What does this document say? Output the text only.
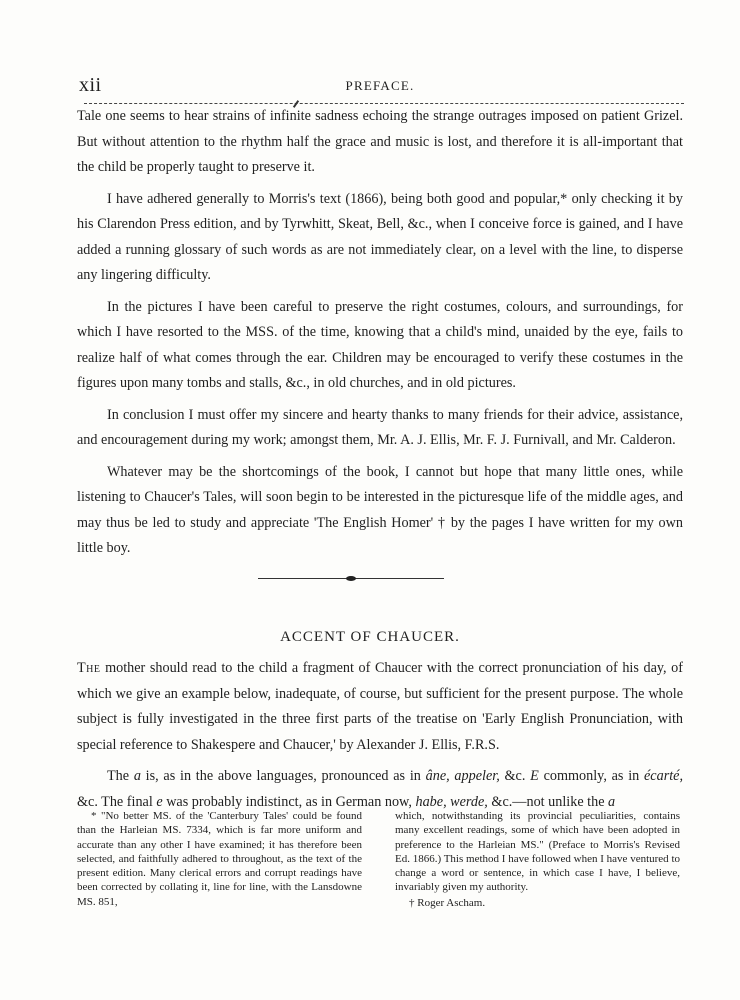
xii	PREFACE.

Tale one seems to hear strains of infinite sadness echoing the strange outrages imposed on patient Grizel. But without attention to the rhythm half the grace and music is lost, and therefore it is all-important that the child be properly taught to preserve it.

I have adhered generally to Morris's text (1866), being both good and popular,* only checking it by his Clarendon Press edition, and by Tyrwhitt, Skeat, Bell, &c., when I conceive force is gained, and I have added a running glossary of such words as are not immediately clear, on a level with the line, to disperse any lingering difficulty.

In the pictures I have been careful to preserve the right costumes, colours, and surroundings, for which I have resorted to the MSS. of the time, knowing that a child's mind, unaided by the eye, fails to realize half of what comes through the ear. Children may be encouraged to verify these costumes in the figures upon many tombs and stalls, &c., in old churches, and in old pictures.

In conclusion I must offer my sincere and hearty thanks to many friends for their advice, assistance, and encouragement during my work; amongst them, Mr. A. J. Ellis, Mr. F. J. Furnivall, and Mr. Calderon.

Whatever may be the shortcomings of the book, I cannot but hope that many little ones, while listening to Chaucer's Tales, will soon begin to be interested in the picturesque life of the middle ages, and may thus be led to study and appreciate 'The English Homer' † by the pages I have written for my own little boy.

ACCENT OF CHAUCER.

The mother should read to the child a fragment of Chaucer with the correct pronunciation of his day, of which we give an example below, inadequate, of course, but sufficient for the present purpose. The whole subject is fully investigated in the three first parts of the treatise on 'Early English Pronunciation, with special reference to Shakespere and Chaucer,' by Alexander J. Ellis, F.R.S.

The a is, as in the above languages, pronounced as in âne, appeler, &c. E commonly, as in écarté, &c. The final e was probably indistinct, as in German now, habe, werde, &c.—not unlike the a

* "No better MS. of the 'Canterbury Tales' could be found than the Harleian MS. 7334, which is far more uniform and accurate than any other I have examined; it has therefore been selected, and faithfully adhered to throughout, as the text of the present edition. Many clerical errors and corrupt readings have been corrected by collating it, line for line, with the Lansdowne MS. 851,

which, notwithstanding its provincial peculiarities, contains many excellent readings, some of which have been adopted in preference to the Harleian MS." (Preface to Morris's Revised Ed. 1866.) This method I have followed when I have ventured to change a word or sentence, in which case I have, I believe, invariably given my authority.

† Roger Ascham.
